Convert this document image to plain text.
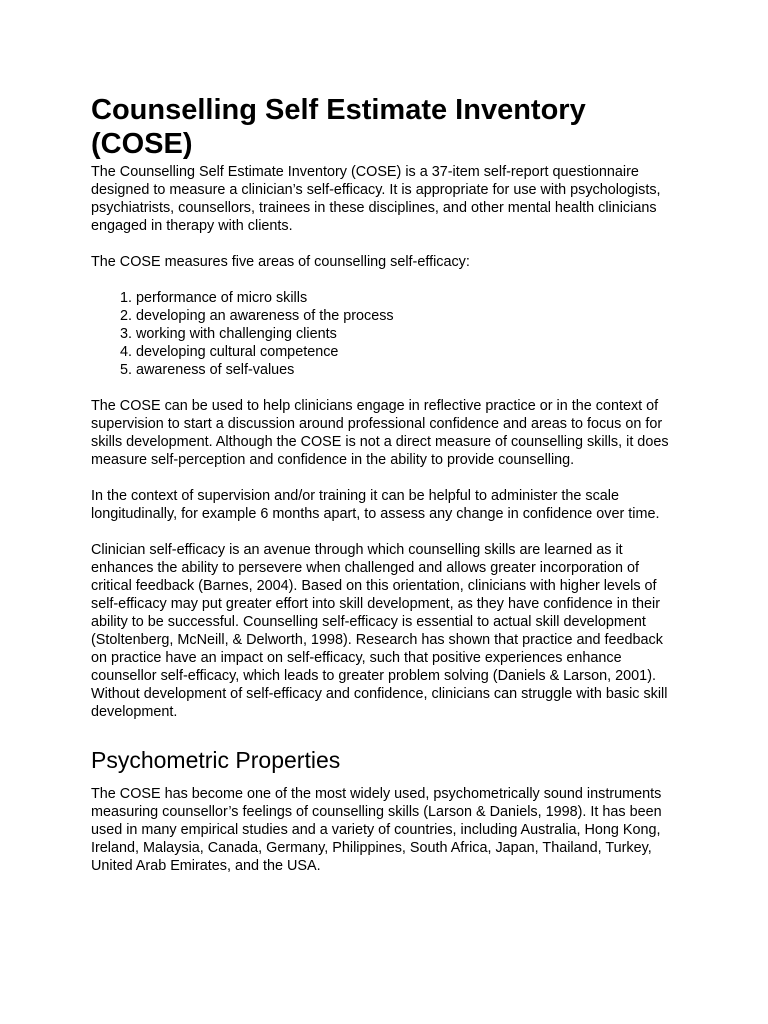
Counselling Self Estimate Inventory (COSE)

The Counselling Self Estimate Inventory (COSE) is a 37-item self-report questionnaire designed to measure a clinician’s self-efficacy. It is appropriate for use with psychologists, psychiatrists, counsellors, trainees in these disciplines, and other mental health clinicians engaged in therapy with clients.

The COSE measures five areas of counselling self-efficacy:

1. performance of micro skills
2. developing an awareness of the process
3. working with challenging clients
4. developing cultural competence
5. awareness of self-values

The COSE can be used to help clinicians engage in reflective practice or in the context of supervision to start a discussion around professional confidence and areas to focus on for skills development. Although the COSE is not a direct measure of counselling skills, it does measure self-perception and confidence in the ability to provide counselling.

In the context of supervision and/or training it can be helpful to administer the scale longitudinally, for example 6 months apart, to assess any change in confidence over time.

Clinician self-efficacy is an avenue through which counselling skills are learned as it enhances the ability to persevere when challenged and allows greater incorporation of critical feedback (Barnes, 2004). Based on this orientation, clinicians with higher levels of self-efficacy may put greater effort into skill development, as they have confidence in their ability to be successful. Counselling self-efficacy is essential to actual skill development (Stoltenberg, McNeill, & Delworth, 1998). Research has shown that practice and feedback on practice have an impact on self-efficacy, such that positive experiences enhance counsellor self-efficacy, which leads to greater problem solving (Daniels & Larson, 2001). Without development of self-efficacy and confidence, clinicians can struggle with basic skill development.

Psychometric Properties

The COSE has become one of the most widely used, psychometrically sound instruments measuring counsellor’s feelings of counselling skills (Larson & Daniels, 1998). It has been used in many empirical studies and a variety of countries, including Australia, Hong Kong, Ireland, Malaysia, Canada, Germany, Philippines, South Africa, Japan, Thailand, Turkey, United Arab Emirates, and the USA.
